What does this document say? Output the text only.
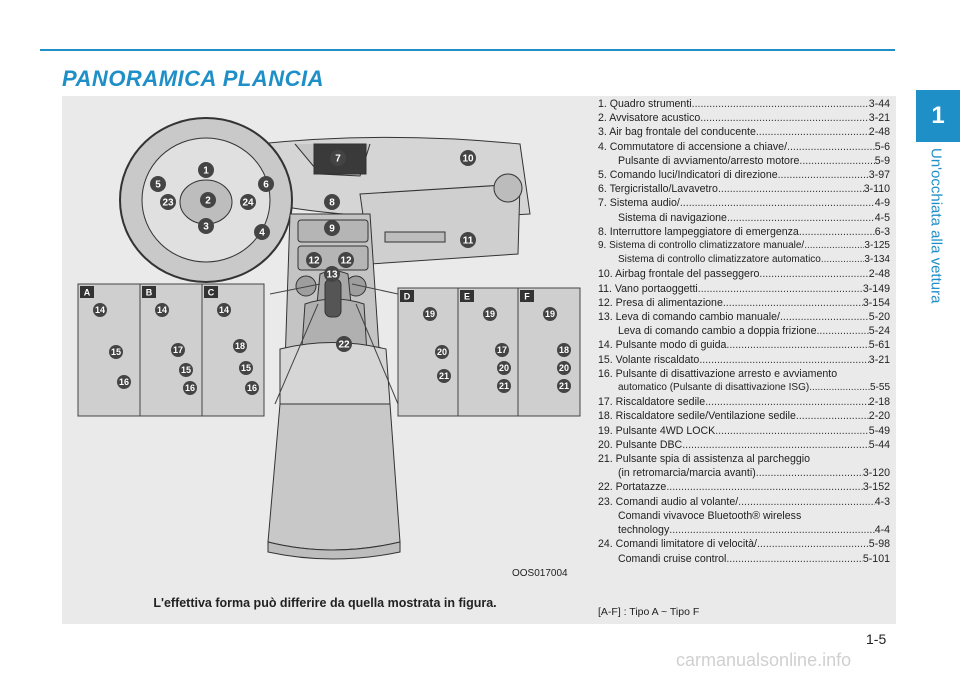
PANORAMICA PLANCIA
1
Un'occhiata alla vettura
1
2
3
4
5	6
7
8
9
10
11
12 12
13
22
23	24
A
14
15
16
B
14
17
15
16
C
14
18
15
16
D
19
20
21
E
19
17
20
21
F
19
18
20
21
OOS017004
L'effettiva forma può differire da quella mostrata in figura.
1. Quadro strumenti .....	3-44
2. Avvisatore acustico .....	3-21
3. Air bag frontale del conducente .....	2-48
4. Commutatore di accensione a chiave/ .....	5-6
Pulsante di avviamento/arresto motore .....	5-9
5. Comando luci/Indicatori di direzione .....	3-97
6. Tergicristallo/Lavavetro .....	3-110
7. Sistema audio/ .....	4-9
Sistema di navigazione .....	4-5
8. Interruttore lampeggiatore di emergenza .....	6-3
9. Sistema di controllo climatizzatore manuale/ .....	3-125
Sistema di controllo climatizzatore automatico .....	3-134
10. Airbag frontale del passeggero .....	2-48
11. Vano portaoggetti .....	3-149
12. Presa di alimentazione .....	3-154
13. Leva di comando cambio manuale/ .....	5-20
Leva di comando cambio a doppia frizione .....	5-24
14. Pulsante modo di guida .....	5-61
15. Volante riscaldato .....	3-21
16. Pulsante di disattivazione arresto e avviamento
automatico (Pulsante di disattivazione ISG) .....	5-55
17. Riscaldatore sedile .....	2-18
18. Riscaldatore sedile/Ventilazione sedile .....	2-20
19. Pulsante 4WD LOCK .....	5-49
20. Pulsante DBC .....	5-44
21. Pulsante spia di assistenza al parcheggio
(in retromarcia/marcia avanti) .....	3-120
22. Portatazze .....	3-152
23. Comandi audio al volante/ .....	4-3
Comandi vivavoce Bluetooth® wireless
technology .....	4-4
24. Comandi limitatore di velocità/ .....	5-98
Comandi cruise control .....	5-101
[A-F] : Tipo A ~ Tipo F
1-5
carmanualsonline.info
